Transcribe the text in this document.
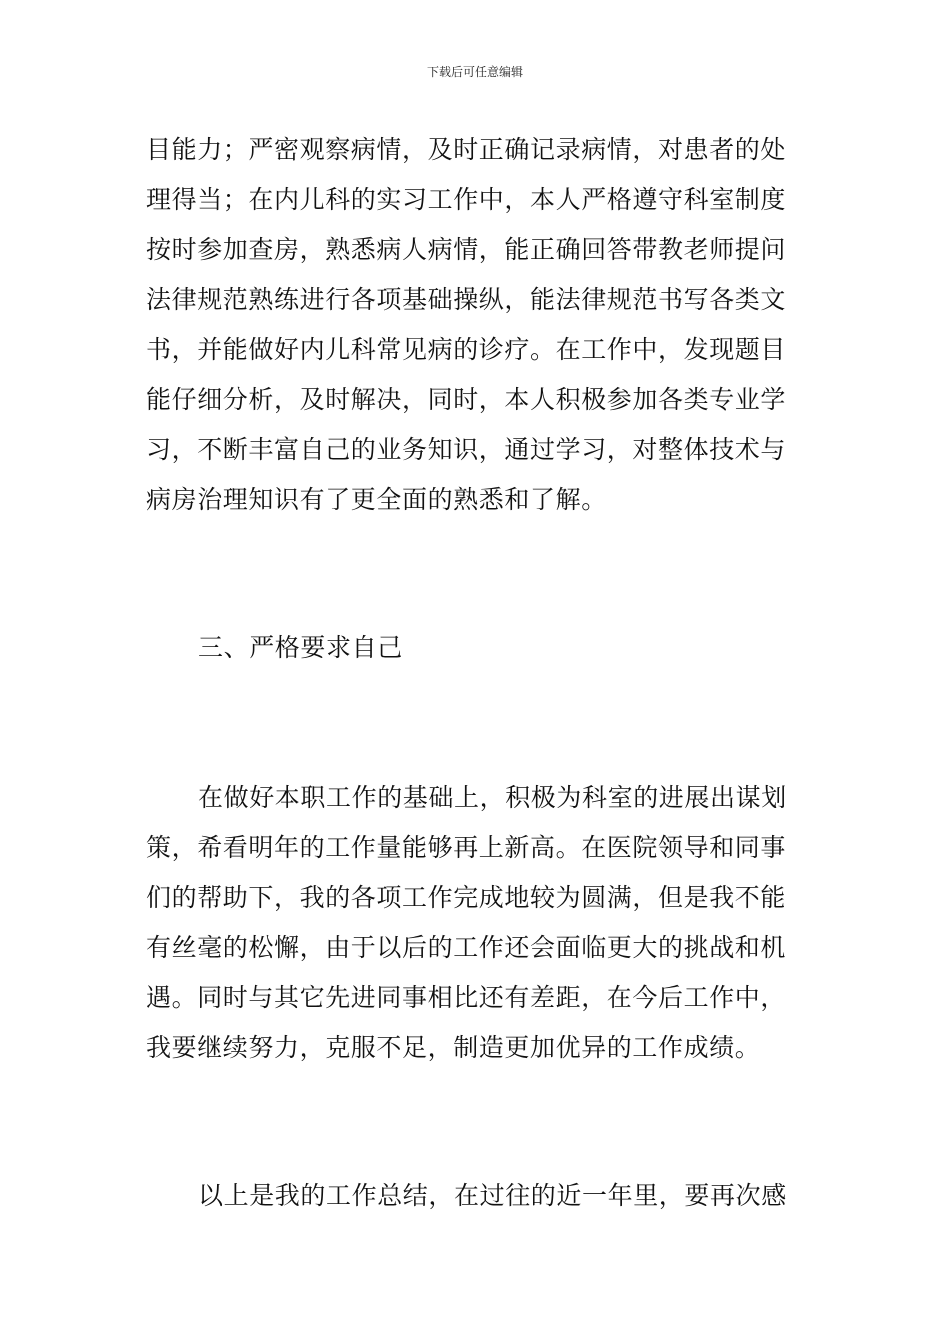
下载后可任意编辑
目能力；严密观察病情，及时正确记录病情，对患者的处
理得当；在内儿科的实习工作中，本人严格遵守科室制度
按时参加查房，熟悉病人病情，能正确回答带教老师提问
法律规范熟练进行各项基础操纵，能法律规范书写各类文
书，并能做好内儿科常见病的诊疗。在工作中，发现题目
能仔细分析，及时解决，同时，本人积极参加各类专业学
习，不断丰富自己的业务知识，通过学习，对整体技术与
病房治理知识有了更全面的熟悉和了解。
三、严格要求自己
在做好本职工作的基础上，积极为科室的进展出谋划
策，希看明年的工作量能够再上新高。在医院领导和同事
们的帮助下，我的各项工作完成地较为圆满，但是我不能
有丝毫的松懈，由于以后的工作还会面临更大的挑战和机
遇。同时与其它先进同事相比还有差距，在今后工作中，
我要继续努力，克服不足，制造更加优异的工作成绩。
以上是我的工作总结，在过往的近一年里，要再次感
